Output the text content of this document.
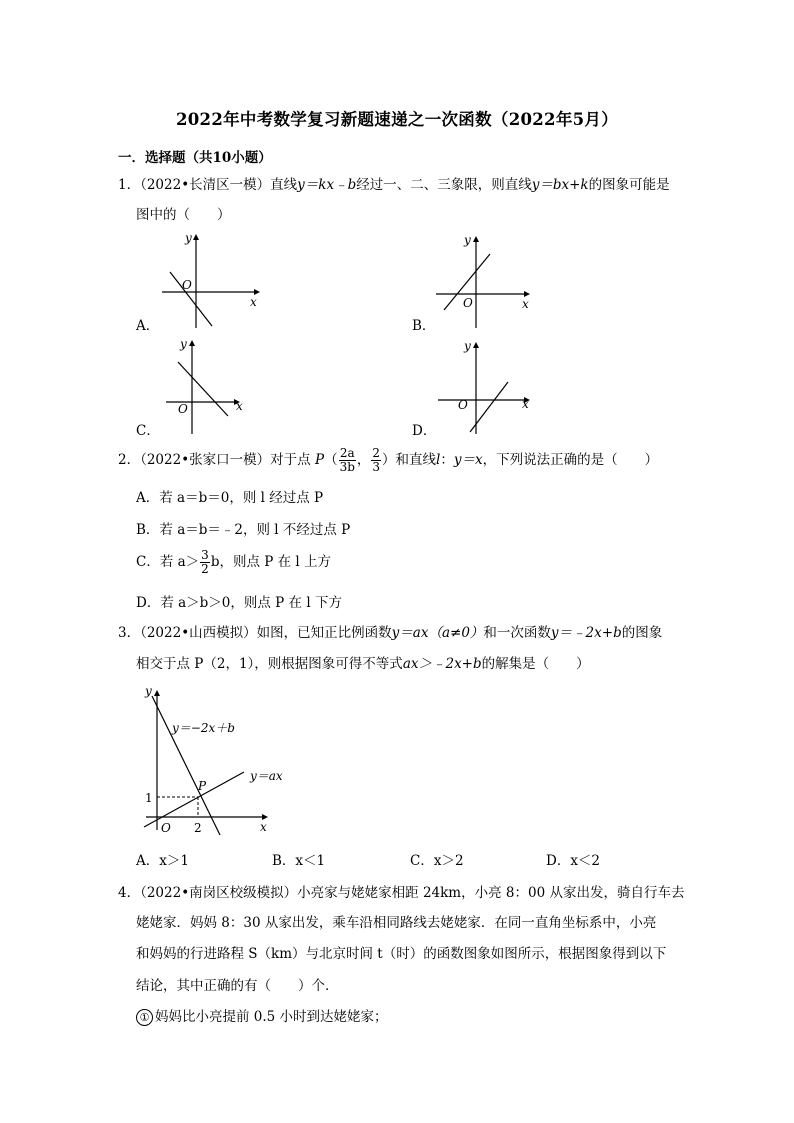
2022年中考数学复习新题速递之一次函数（2022年5月）
一．选择题（共10小题）
1．（2022•长清区一模）直线y＝kx﹣b经过一、二、三象限，则直线y＝bx+k的图象可能是
图中的（　　）
y
x
O
A．
y
x
O
B．
y
x
O
C．
y
x
O
D．
2．（2022•张家口一模）对于点 $P( \frac{2a}{3b}$ ， $\frac{2}{3}$ ）和直线l：y＝x，下列说法正确的是（　　）
A．若 a＝b＝0，则 l 经过点 P
B．若 a＝b＝﹣2，则 l 不经过点 P
C．若 $a> \frac{3}{2}$ b，则点 P 在 l 上方
D．若 a＞b＞0，则点 P 在 l 下方
3．（2022•山西模拟）如图，已知正比例函数y＝ax（a≠0）和一次函数y＝﹣2x+b的图象
相交于点 P（2，1），则根据图象可得不等式ax＞﹣2x+b的解集是（　　）
y＝−2x＋b
y＝ax
P
1
2
O	x
y
A．x＞1	B．x＜1	C．x＞2	D．x＜2
4．（2022•南岗区校级模拟）小亮家与姥姥家相距 24km，小亮 8：00 从家出发，骑自行车去
姥姥家．妈妈 8：30 从家出发，乘车沿相同路线去姥姥家．在同一直角坐标系中，小亮
和妈妈的行进路程 S（km）与北京时间 t（时）的函数图象如图所示，根据图象得到以下
结论，其中正确的有（　　）个．
① 妈妈比小亮提前 0.5 小时到达姥姥家；
